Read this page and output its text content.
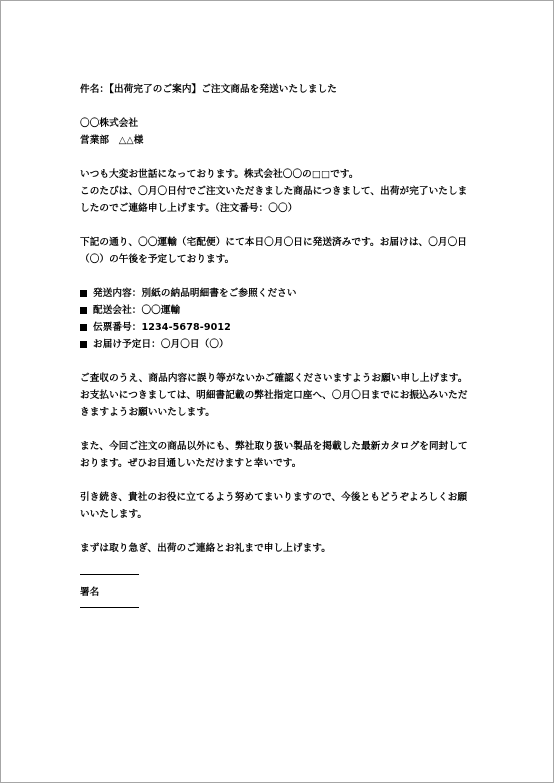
件名：【出荷完了のご案内】ご注文商品を発送いたしました
〇〇株式会社
営業部　△△様
いつも大変お世話になっております。株式会社〇〇の□□です。
このたびは、〇月〇日付でご注文いただきました商品につきまして、出荷が完了いたしま
したのでご連絡申し上げます。（注文番号：〇〇）
下記の通り、〇〇運輸（宅配便）にて本日〇月〇日に発送済みです。お届けは、〇月〇日
（〇）の午後を予定しております。
発送内容：別紙の納品明細書をご参照ください
配送会社：〇〇運輸
伝票番号：1234-5678-9012
お届け予定日：〇月〇日（〇）
ご査収のうえ、商品内容に誤り等がないかご確認くださいますようお願い申し上げます。
お支払いにつきましては、明細書記載の弊社指定口座へ、〇月〇日までにお振込みいただ
きますようお願いいたします。
また、今回ご注文の商品以外にも、弊社取り扱い製品を掲載した最新カタログを同封して
おります。ぜひお目通しいただけますと幸いです。
引き続き、貴社のお役に立てるよう努めてまいりますので、今後ともどうぞよろしくお願
いいたします。
まずは取り急ぎ、出荷のご連絡とお礼まで申し上げます。
署名
